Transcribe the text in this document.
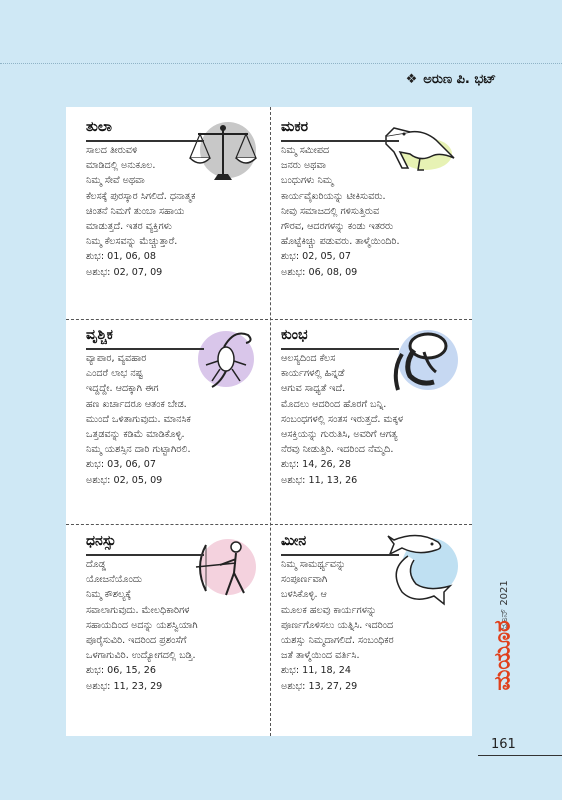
❖ ಅರುಣ ಪಿ. ಭಟ್
ತುಲಾ

ಸಾಲದ ತೀರುವಳಿ

ಮಾಡಿದಲ್ಲಿ ಅನುಕೂಲ.

ನಿಮ್ಮ ಸೇವೆ ಅಥವಾ

ಕೆಲಸಕ್ಕೆ ಪುರಸ್ಕಾರ ಸಿಗಲಿದೆ. ಧನಾತ್ಮಕ

ಚಿಂತನೆ ನಿಮಗೆ ತುಂಬಾ ಸಹಾಯ

ಮಾಡುತ್ತದೆ. ಇತರ ವ್ಯಕ್ತಿಗಳು

ನಿಮ್ಮ ಕೆಲಸವನ್ನು ಮೆಚ್ಚುತ್ತಾರೆ.

ಶುಭ: 01, 06, 08

ಅಶುಭ: 02, 07, 09

ಮಕರ

ನಿಮ್ಮ ಸಮೀಪದ

ಜನರು ಅಥವಾ

ಬಂಧುಗಳು ನಿಮ್ಮ

ಕಾರ್ಯವೈಖರಿಯನ್ನು ಟೀಕಿಸುವರು.

ನೀವು ಸಮಾಜದಲ್ಲಿ ಗಳಿಸುತ್ತಿರುವ

ಗೌರವ, ಆದರಗಳನ್ನು ಕಂಡು ಇತರರು

ಹೊಟ್ಟೆಕಿಚ್ಚು ಪಡುವರು. ತಾಳ್ಮೆಯಿಂದಿರಿ.

ಶುಭ: 02, 05, 07

ಅಶುಭ: 06, 08, 09

ವೃಶ್ಚಿಕ

ವ್ಯಾಪಾರ, ವ್ಯವಹಾರ

ಎಂದರೆ ಲಾಭ ನಷ್ಟ

ಇದ್ದದ್ದೇ. ಆದಕ್ಕಾಗಿ ಈಗ

ಹಣ ಖರ್ಚಾದರೂ ಆತಂಕ ಬೇಡ.

ಮುಂದೆ ಒಳಿತಾಗುವುದು. ಮಾನಸಿಕ

ಒತ್ತಡವನ್ನು ಕಡಿಮೆ ಮಾಡಿಕೊಳ್ಳಿ.

ನಿಮ್ಮ ಯಶಸ್ಸಿನ ದಾರಿ ಗುಟ್ಟಾಗಿರಲಿ.

ಶುಭ: 03, 06, 07

ಅಶುಭ: 02, 05, 09

ಕುಂಭ

ಆಲಸ್ಯದಿಂದ ಕೆಲಸ

ಕಾರ್ಯಗಳಲ್ಲಿ ಹಿನ್ನಡೆ

ಆಗುವ ಸಾಧ್ಯತೆ ಇದೆ.

ಮೊದಲು ಆದರಿಂದ ಹೊರಗೆ ಬನ್ನಿ.

ಸಂಬಂಧಗಳಲ್ಲಿ ಸಂತಸ ಇರುತ್ತದೆ. ಮಕ್ಕಳ

ಆಸಕ್ತಿಯನ್ನು ಗುರುತಿಸಿ, ಅವರಿಗೆ ಆಗತ್ಯ

ನೆರವು ನೀಡುತ್ತಿರಿ. ಇದರಿಂದ ನೆಮ್ಮದಿ.

ಶುಭ: 14, 26, 28

ಅಶುಭ: 11, 13, 26

ಧನಸ್ಸು

ದೊಡ್ಡ

ಯೋಜನೆಯೊಂದು

ನಿಮ್ಮ ಕೌಶಲ್ಯಕ್ಕೆ

ಸವಾಲಾಗುವುದು. ಮೇಲಧಿಕಾರಿಗಳ

ಸಹಾಯದಿಂದ ಅದನ್ನು ಯಶಸ್ವಿಯಾಗಿ

ಪೂರೈಸುವಿರಿ. ಇದರಿಂದ ಪ್ರಶಂಸೆಗೆ

ಒಳಗಾಗುವಿರಿ. ಉದ್ಯೋಗದಲ್ಲಿ ಬಡ್ತಿ.

ಶುಭ: 06, 15, 26

ಅಶುಭ: 11, 23, 29

ಮೀನ

ನಿಮ್ಮ ಸಾಮರ್ಥ್ಯವನ್ನು

ಸಂಪೂರ್ಣವಾಗಿ

ಬಳಸಿಕೊಳ್ಳಿ. ಆ

ಮೂಲಕ ಹಲವು ಕಾರ್ಯಗಳನ್ನು

ಪೂರ್ಣಗೊಳಿಸಲು ಯತ್ನಿಸಿ. ಇದರಿಂದ

ಯಶಸ್ಸು ನಿಮ್ಮದಾಗಲಿದೆ. ಸಂಬಂಧಿಕರ

ಜತೆ ತಾಳ್ಮೆಯಿಂದ ವರ್ತಿಸಿ.

ಶುಭ: 11, 18, 24

ಅಶುಭ: 13, 27, 29

ಜೂನ್ 2021
ಮಯೂರ
161
